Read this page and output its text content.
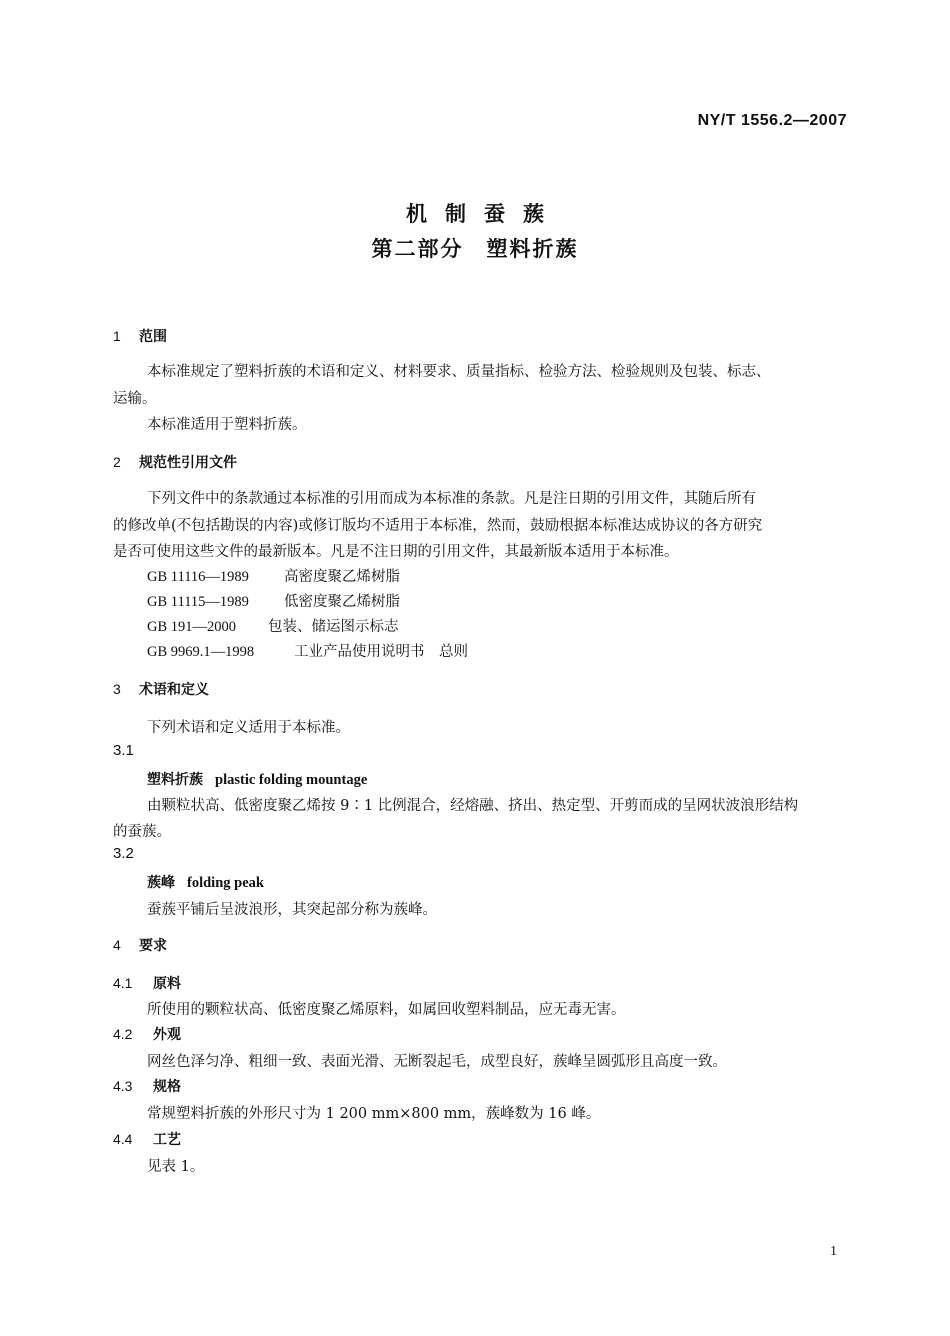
NY/T 1556.2—2007
机制蚕蔟
第二部分　塑料折蔟
1 范围
本标准规定了塑料折蔟的术语和定义、材料要求、质量指标、检验方法、检验规则及包装、标志、
运输。
本标准适用于塑料折蔟。
2 规范性引用文件
下列文件中的条款通过本标准的引用而成为本标准的条款。凡是注日期的引用文件，其随后所有
的修改单(不包括勘误的内容)或修订版均不适用于本标准，然而，鼓励根据本标准达成协议的各方研究
是否可使用这些文件的最新版本。凡是不注日期的引用文件，其最新版本适用于本标准。
GB 11116—1989 高密度聚乙烯树脂
GB 11115—1989 低密度聚乙烯树脂
GB 191—2000 包装、储运图示标志
GB 9969.1—1998	工业产品使用说明书　总则
3 术语和定义
下列术语和定义适用于本标准。
3.1
塑料折蔟 plastic folding mountage
由颗粒状高、低密度聚乙烯按 9∶1 比例混合，经熔融、挤出、热定型、开剪而成的呈网状波浪形结构
的蚕蔟。
3.2
蔟峰 folding peak
蚕蔟平铺后呈波浪形，其突起部分称为蔟峰。
4 要求
4.1 原料
所使用的颗粒状高、低密度聚乙烯原料，如属回收塑料制品，应无毒无害。
4.2 外观
网丝色泽匀净、粗细一致、表面光滑、无断裂起毛，成型良好，蔟峰呈圆弧形且高度一致。
4.3 规格
常规塑料折蔟的外形尺寸为 1 200 mm×800 mm，蔟峰数为 16 峰。
4.4 工艺
见表 1。
1
